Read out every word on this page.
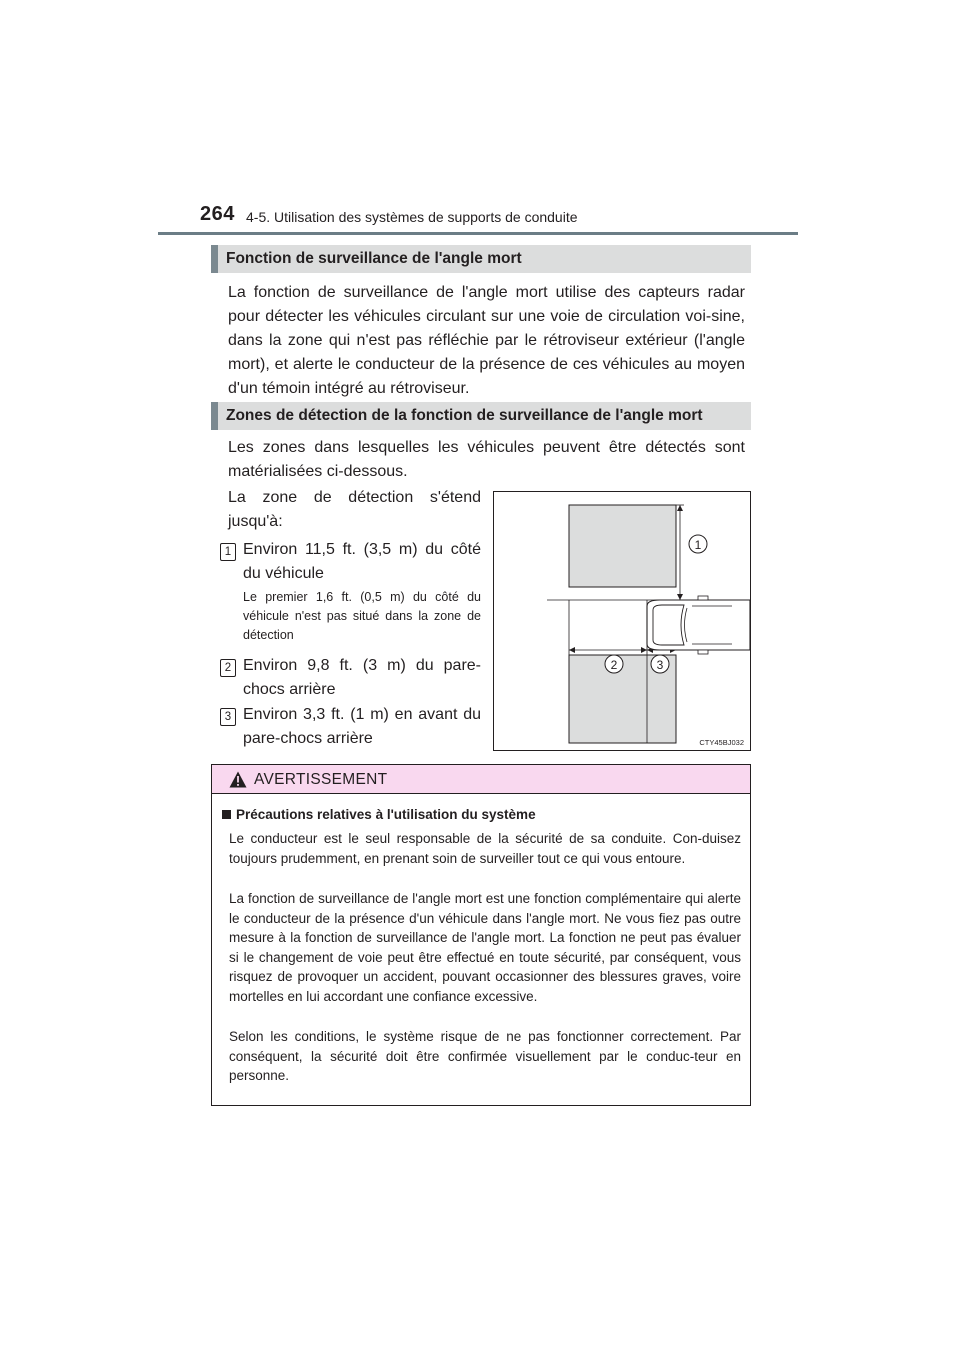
264 4-5. Utilisation des systèmes de supports de conduite
Fonction de surveillance de l'angle mort
La fonction de surveillance de l'angle mort utilise des capteurs radar pour détecter les véhicules circulant sur une voie de circulation voi-sine, dans la zone qui n'est pas réfléchie par le rétroviseur extérieur (l'angle mort), et alerte le conducteur de la présence de ces véhicules au moyen d'un témoin intégré au rétroviseur.
Zones de détection de la fonction de surveillance de l'angle mort
Les zones dans lesquelles les véhicules peuvent être détectés sont matérialisées ci-dessous.
La zone de détection s'étend jusqu'à:
1 Environ 11,5 ft. (3,5 m) du côté du véhicule
Le premier 1,6 ft. (0,5 m) du côté du véhicule n'est pas situé dans la zone de détection
2 Environ 9,8 ft. (3 m) du pare-chocs arrière
3 Environ 3,3 ft. (1 m) en avant du pare-chocs arrière
1
2	3
CTY45BJ032
AVERTISSEMENT
Précautions relatives à l'utilisation du système
Le conducteur est le seul responsable de la sécurité de sa conduite. Con-duisez toujours prudemment, en prenant soin de surveiller tout ce qui vous entoure.
La fonction de surveillance de l'angle mort est une fonction complémentaire qui alerte le conducteur de la présence d'un véhicule dans l'angle mort. Ne vous fiez pas outre mesure à la fonction de surveillance de l'angle mort. La fonction ne peut pas évaluer si le changement de voie peut être effectué en toute sécurité, par conséquent, vous risquez de provoquer un accident, pouvant occasionner des blessures graves, voire mortelles en lui accordant une confiance excessive.
Selon les conditions, le système risque de ne pas fonctionner correctement. Par conséquent, la sécurité doit être confirmée visuellement par le conduc-teur en personne.
